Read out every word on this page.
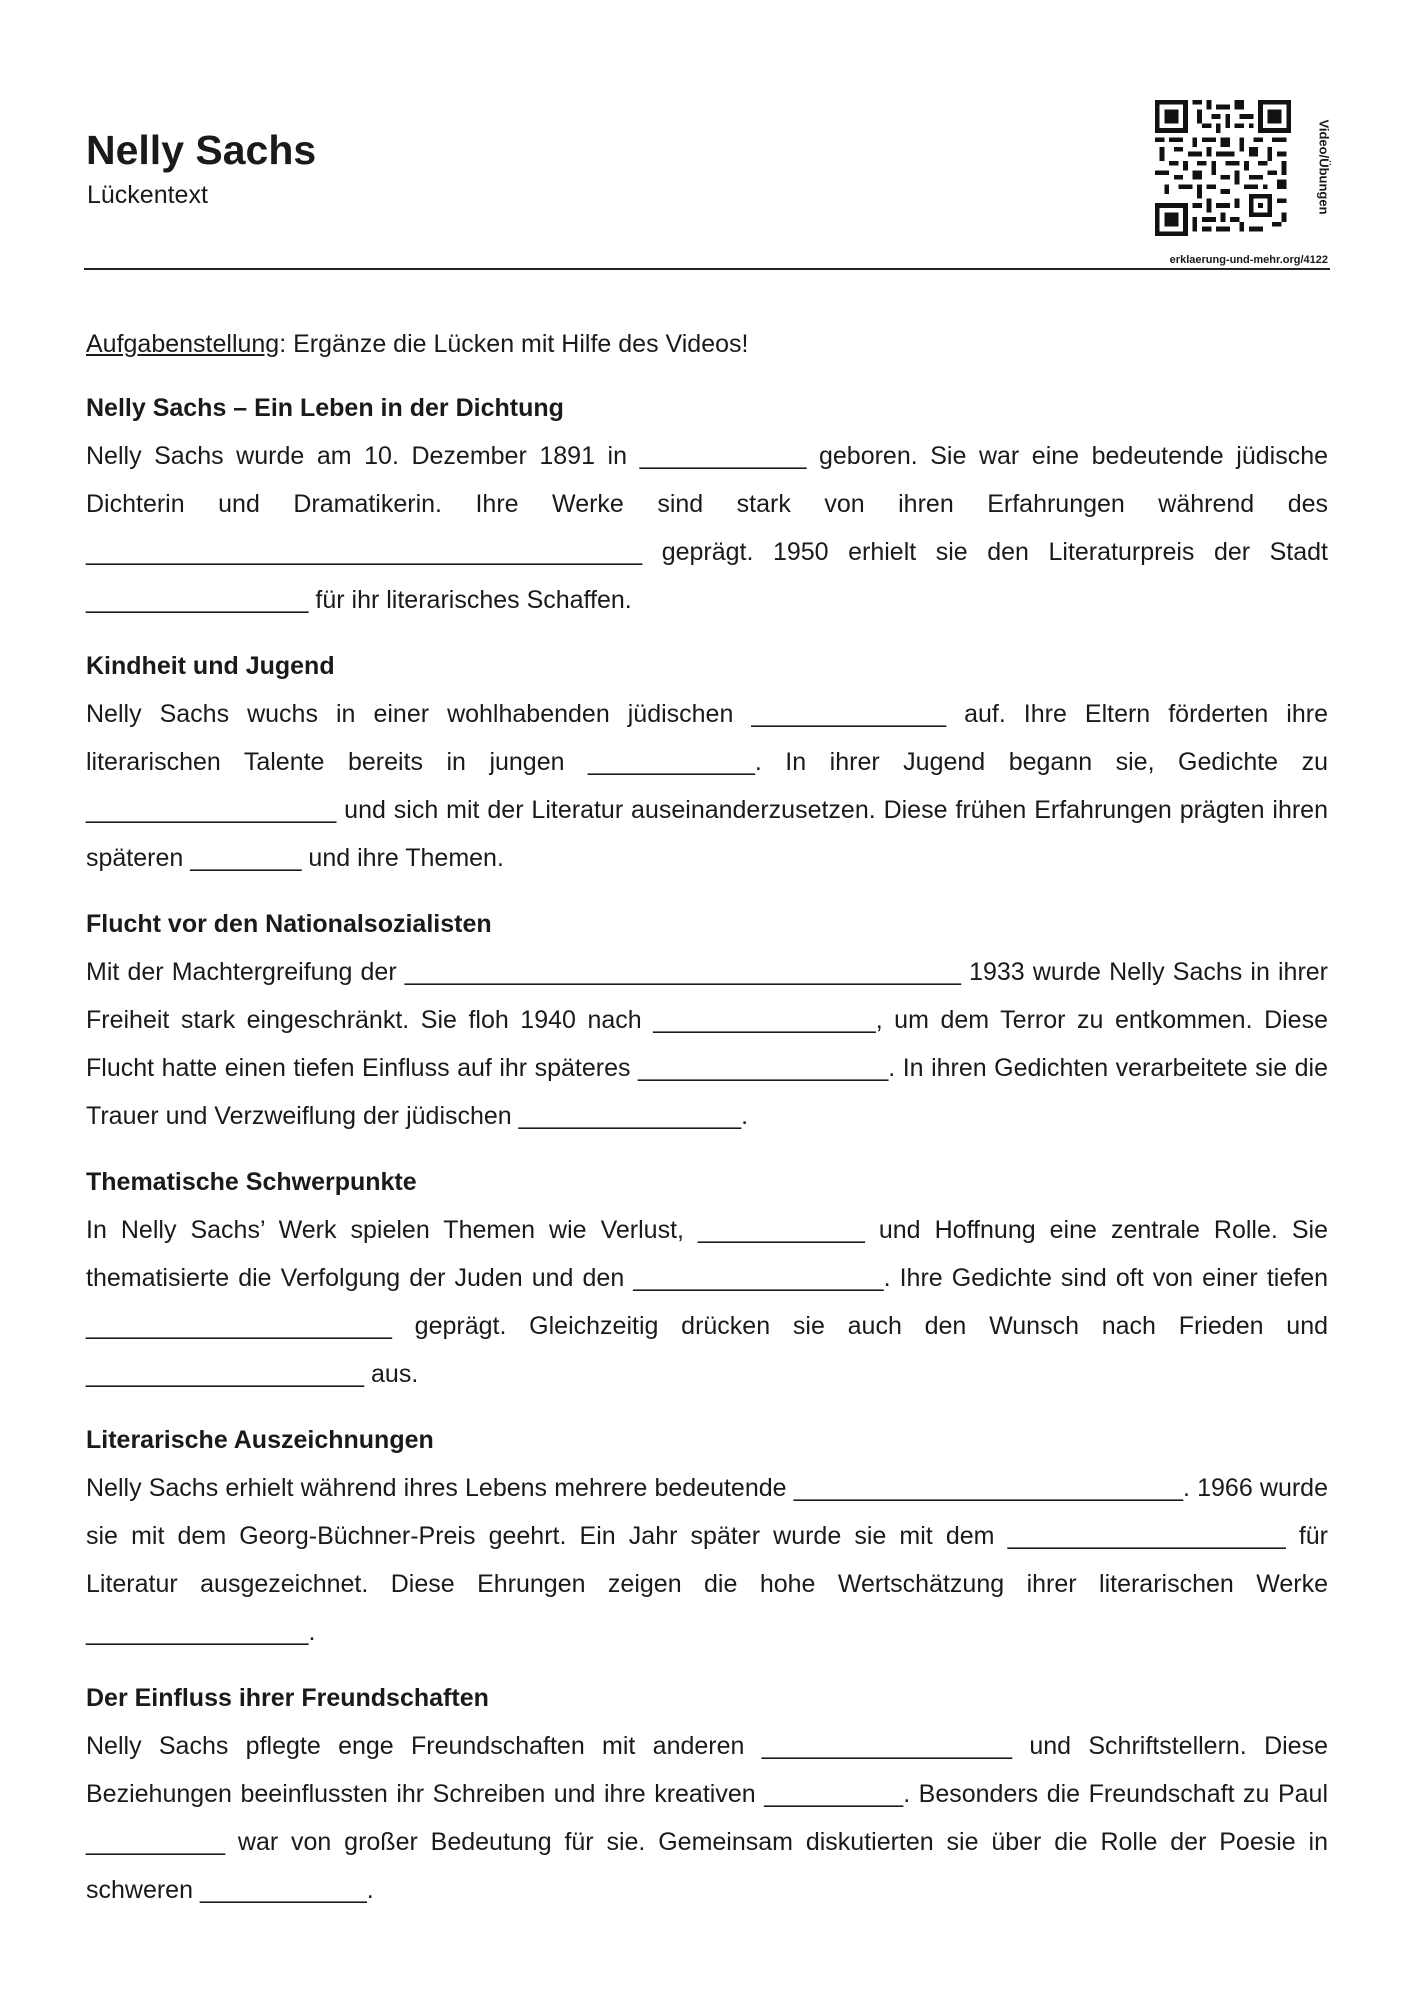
Nelly Sachs
Lückentext	Video/Übungen
erklaerung-und-mehr.org/4122

Aufgabenstellung: Ergänze die Lücken mit Hilfe des Videos!

Nelly Sachs – Ein Leben in der Dichtung

Nelly Sachs wurde am 10. Dezember 1891 in ____________ geboren. Sie war eine bedeutende jüdische Dichterin und Dramatikerin. Ihre Werke sind stark von ihren Erfahrungen während des ________________________________________ geprägt. 1950 erhielt sie den Literaturpreis der Stadt ________________ für ihr literarisches Schaffen.

Kindheit und Jugend

Nelly Sachs wuchs in einer wohlhabenden jüdischen ______________ auf. Ihre Eltern förderten ihre literarischen Talente bereits in jungen ____________. In ihrer Jugend begann sie, Gedichte zu __________________ und sich mit der Literatur auseinanderzusetzen. Diese frühen Erfahrungen prägten ihren späteren ________ und ihre Themen.

Flucht vor den Nationalsozialisten

Mit der Machtergreifung der ________________________________________ 1933 wurde Nelly Sachs in ihrer Freiheit stark eingeschränkt. Sie floh 1940 nach ________________, um dem Terror zu entkommen. Diese Flucht hatte einen tiefen Einfluss auf ihr späteres __________________. In ihren Gedichten verarbeitete sie die Trauer und Verzweiflung der jüdischen ________________.

Thematische Schwerpunkte

In Nelly Sachs’ Werk spielen Themen wie Verlust, ____________ und Hoffnung eine zentrale Rolle. Sie thematisierte die Verfolgung der Juden und den __________________. Ihre Gedichte sind oft von einer tiefen ______________________ geprägt. Gleichzeitig drücken sie auch den Wunsch nach Frieden und ____________________ aus.

Literarische Auszeichnungen

Nelly Sachs erhielt während ihres Lebens mehrere bedeutende ____________________________. 1966 wurde sie mit dem Georg-Büchner-Preis geehrt. Ein Jahr später wurde sie mit dem ____________________ für Literatur ausgezeichnet. Diese Ehrungen zeigen die hohe Wertschätzung ihrer literarischen Werke ________________.

Der Einfluss ihrer Freundschaften

Nelly Sachs pflegte enge Freundschaften mit anderen __________________ und Schriftstellern. Diese Beziehungen beeinflussten ihr Schreiben und ihre kreativen __________. Besonders die Freundschaft zu Paul __________ war von großer Bedeutung für sie. Gemeinsam diskutierten sie über die Rolle der Poesie in schweren ____________.
